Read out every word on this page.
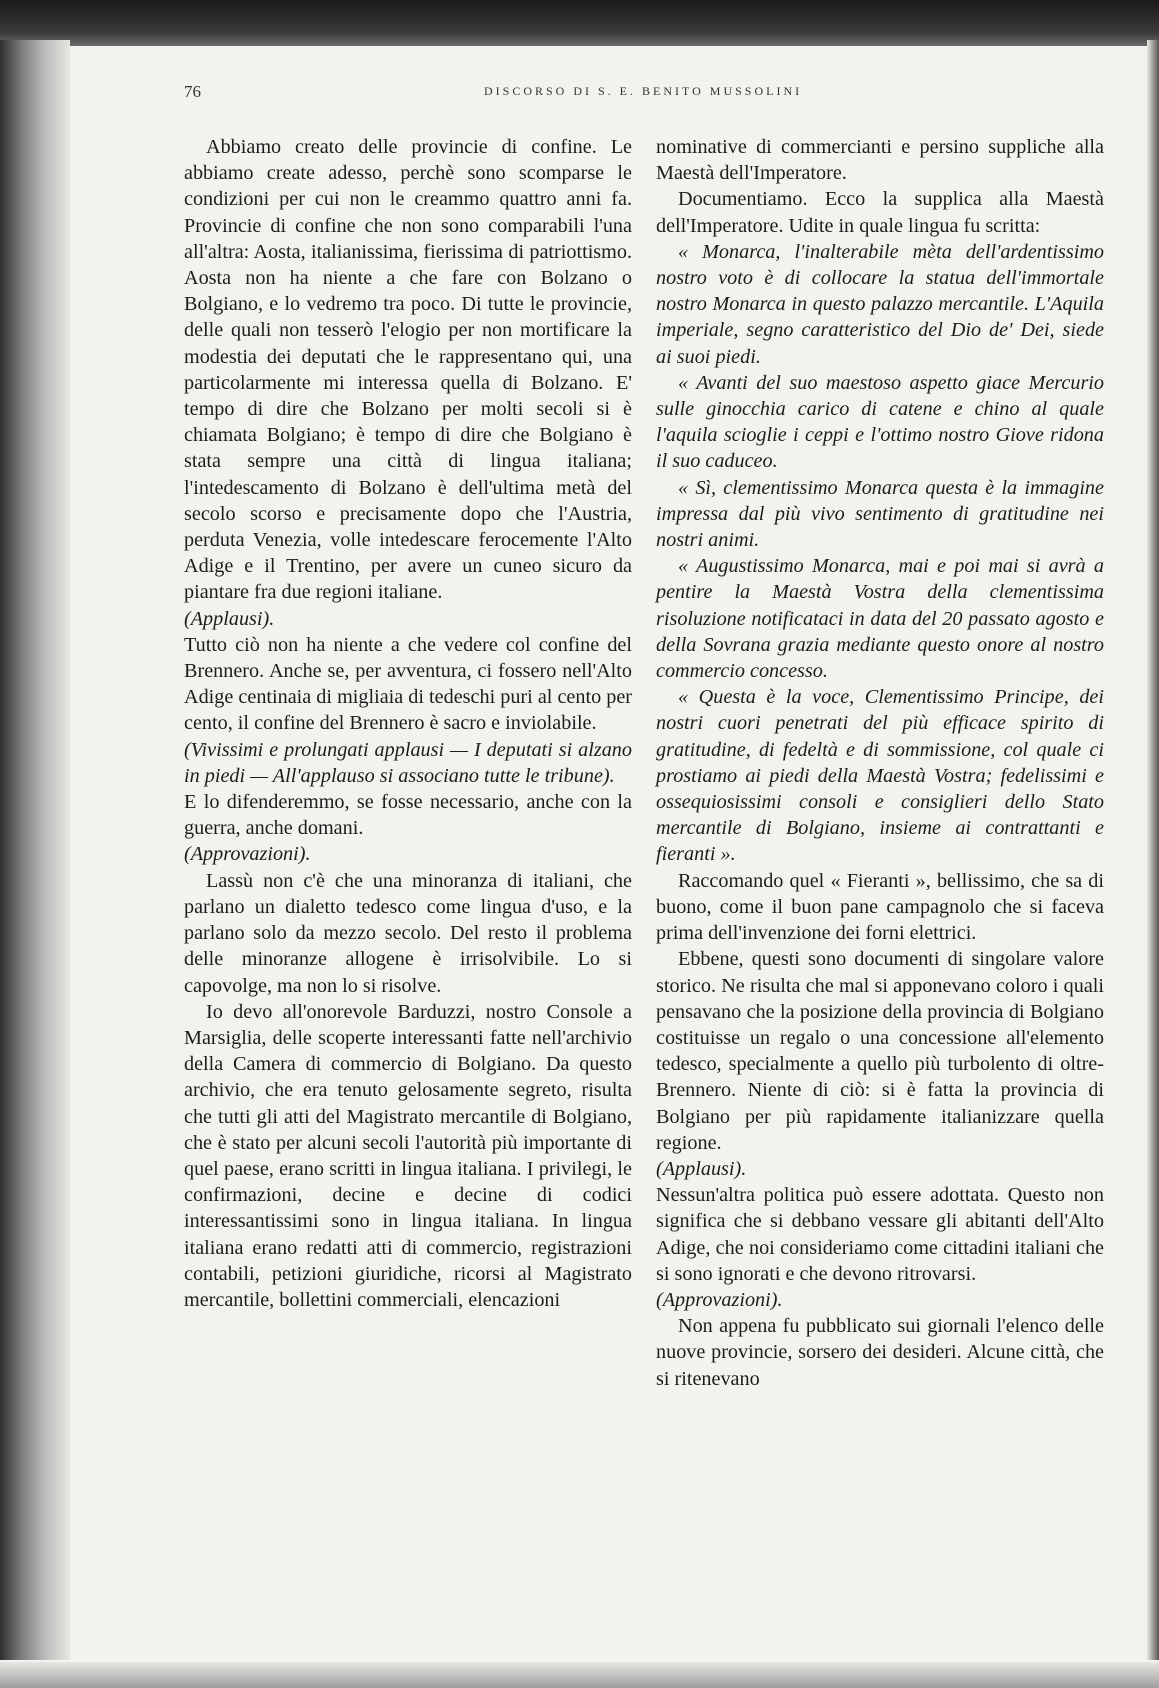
76	DISCORSO DI S. E. BENITO MUSSOLINI

Abbiamo creato delle provincie di confine. Le abbiamo create adesso, perchè sono scomparse le condizioni per cui non le creammo quattro anni fa. Provincie di confine che non sono comparabili l'una all'altra: Aosta, italianissima, fierissima di patriottismo. Aosta non ha niente a che fare con Bolzano o Bolgiano, e lo vedremo tra poco. Di tutte le provincie, delle quali non tesserò l'elogio per non mortificare la modestia dei deputati che le rappresentano qui, una particolarmente mi interessa quella di Bolzano. E' tempo di dire che Bolzano per molti secoli si è chiamata Bolgiano; è tempo di dire che Bolgiano è stata sempre una città di lingua italiana; l'intedescamento di Bolzano è dell'ultima metà del secolo scorso e precisamente dopo che l'Austria, perduta Venezia, volle intedescare ferocemente l'Alto Adige e il Trentino, per avere un cuneo sicuro da piantare fra due regioni italiane.

(Applausi).

Tutto ciò non ha niente a che vedere col confine del Brennero. Anche se, per avventura, ci fossero nell'Alto Adige centinaia di migliaia di tedeschi puri al cento per cento, il confine del Brennero è sacro e inviolabile.

(Vivissimi e prolungati applausi — I deputati si alzano in piedi — All'applauso si associano tutte le tribune).

E lo difenderemmo, se fosse necessario, anche con la guerra, anche domani.

(Approvazioni).

Lassù non c'è che una minoranza di italiani, che parlano un dialetto tedesco come lingua d'uso, e la parlano solo da mezzo secolo. Del resto il problema delle minoranze allogene è irrisolvibile. Lo si capovolge, ma non lo si risolve.

Io devo all'onorevole Barduzzi, nostro Console a Marsiglia, delle scoperte interessanti fatte nell'archivio della Camera di commercio di Bolgiano. Da questo archivio, che era tenuto gelosamente segreto, risulta che tutti gli atti del Magistrato mercantile di Bolgiano, che è stato per alcuni secoli l'autorità più importante di quel paese, erano scritti in lingua italiana. I privilegi, le confirmazioni, decine e decine di codici interessantissimi sono in lingua italiana. In lingua italiana erano redatti atti di commercio, registrazioni contabili, petizioni giuridiche, ricorsi al Magistrato mercantile, bollettini commerciali, elencazioni

nominative di commercianti e persino suppliche alla Maestà dell'Imperatore.

Documentiamo. Ecco la supplica alla Maestà dell'Imperatore. Udite in quale lingua fu scritta:

« Monarca, l'inalterabile mèta dell'ardentissimo nostro voto è di collocare la statua dell'immortale nostro Monarca in questo palazzo mercantile. L'Aquila imperiale, segno caratteristico del Dio de' Dei, siede ai suoi piedi.

« Avanti del suo maestoso aspetto giace Mercurio sulle ginocchia carico di catene e chino al quale l'aquila scioglie i ceppi e l'ottimo nostro Giove ridona il suo caduceo.

« Sì, clementissimo Monarca questa è la immagine impressa dal più vivo sentimento di gratitudine nei nostri animi.

« Augustissimo Monarca, mai e poi mai si avrà a pentire la Maestà Vostra della clementissima risoluzione notificataci in data del 20 passato agosto e della Sovrana grazia mediante questo onore al nostro commercio concesso.

« Questa è la voce, Clementissimo Principe, dei nostri cuori penetrati del più efficace spirito di gratitudine, di fedeltà e di sommissione, col quale ci prostiamo ai piedi della Maestà Vostra; fedelissimi e ossequiosissimi consoli e consiglieri dello Stato mercantile di Bolgiano, insieme ai contrattanti e fieranti ».

Raccomando quel « Fieranti », bellissimo, che sa di buono, come il buon pane campagnolo che si faceva prima dell'invenzione dei forni elettrici.

Ebbene, questi sono documenti di singolare valore storico. Ne risulta che mal si apponevano coloro i quali pensavano che la posizione della provincia di Bolgiano costituisse un regalo o una concessione all'elemento tedesco, specialmente a quello più turbolento di oltre-Brennero. Niente di ciò: si è fatta la provincia di Bolgiano per più rapidamente italianizzare quella regione.

(Applausi).

Nessun'altra politica può essere adottata. Questo non significa che si debbano vessare gli abitanti dell'Alto Adige, che noi consideriamo come cittadini italiani che si sono ignorati e che devono ritrovarsi.

(Approvazioni).

Non appena fu pubblicato sui giornali l'elenco delle nuove provincie, sorsero dei desideri. Alcune città, che si ritenevano
